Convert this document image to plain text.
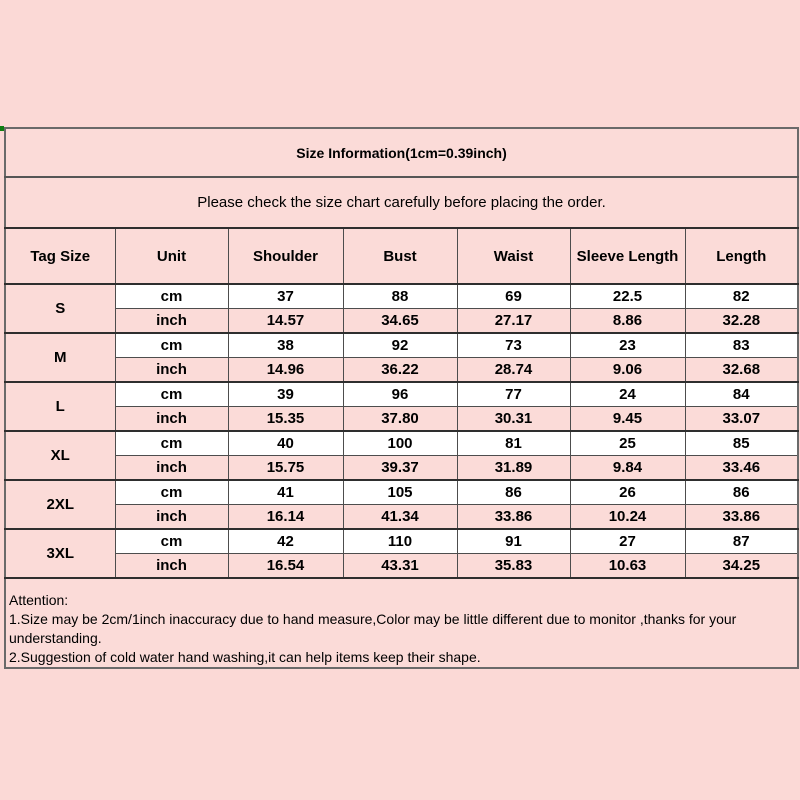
Size Information(1cm=0.39inch)						
Please check the size chart carefully before placing the order.						
Tag Size	Unit	Shoulder	Bust	Waist	Sleeve Length	Length
S	cm	37	88	69	22.5	82
	inch	14.57	34.65	27.17	8.86	32.28
M	cm	38	92	73	23	83
	inch	14.96	36.22	28.74	9.06	32.68
L	cm	39	96	77	24	84
	inch	15.35	37.80	30.31	9.45	33.07
XL	cm	40	100	81	25	85
	inch	15.75	39.37	31.89	9.84	33.46
2XL	cm	41	105	86	26	86
	inch	16.14	41.34	33.86	10.24	33.86
3XL	cm	42	110	91	27	87
	inch	16.54	43.31	35.83	10.63	34.25

Attention:
1.Size may be 2cm/1inch inaccuracy due to hand measure,Color may be little different due to monitor ,thanks for your understanding.
2.Suggestion of cold water hand washing,it can help items keep their shape.						
